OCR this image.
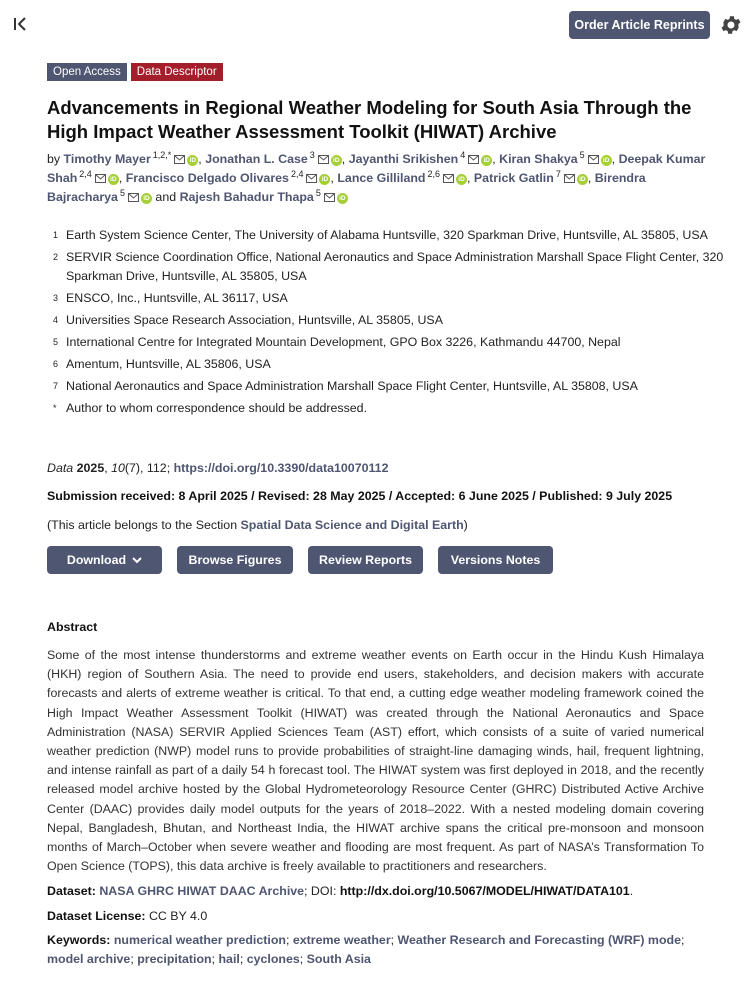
Order Article Reprints
Open Access	Data Descriptor
Advancements in Regional Weather Modeling for South Asia Through the High Impact Weather Assessment Toolkit (HIWAT) Archive
by Timothy Mayer $^{1,2,*}$iD , Jonathan L. Case $^3$iD , Jayanthi Srikishen $^4$iD , Kiran Shakya $^5$iD , Deepak Kumar Shah $^{2,4}$iD , Francisco Delgado Olivares $^{2,4}$iD , Lance Gilliland $^{2,6}$iD , Patrick Gatlin $^7$iD , Birendra Bajracharya $^5$iD and Rajesh Bahadur Thapa $^5$iD
1 Earth System Science Center, The University of Alabama Huntsville, 320 Sparkman Drive, Huntsville, AL 35805, USA
2 SERVIR Science Coordination Office, National Aeronautics and Space Administration Marshall Space Flight Center, 320 Sparkman Drive, Huntsville, AL 35805, USA
3 ENSCO, Inc., Huntsville, AL 36117, USA
4 Universities Space Research Association, Huntsville, AL 35805, USA
5 International Centre for Integrated Mountain Development, GPO Box 3226, Kathmandu 44700, Nepal
6 Amentum, Huntsville, AL 35806, USA
7 National Aeronautics and Space Administration Marshall Space Flight Center, Huntsville, AL 35808, USA
* Author to whom correspondence should be addressed.
Data 2025, 10(7), 112; https://doi.org/10.3390/data10070112
Submission received: 8 April 2025 / Revised: 28 May 2025 / Accepted: 6 June 2025 / Published: 9 July 2025
(This article belongs to the Section Spatial Data Science and Digital Earth)
Download	Browse Figures	Review Reports	Versions Notes
Abstract

Some of the most intense thunderstorms and extreme weather events on Earth occur in the Hindu Kush Himalaya (HKH) region of Southern Asia. The need to provide end users, stakeholders, and decision makers with accurate forecasts and alerts of extreme weather is critical. To that end, a cutting edge weather modeling framework coined the High Impact Weather Assessment Toolkit (HIWAT) was created through the National Aeronautics and Space Administration (NASA) SERVIR Applied Sciences Team (AST) effort, which consists of a suite of varied numerical weather prediction (NWP) model runs to provide probabilities of straight-line damaging winds, hail, frequent lightning, and intense rainfall as part of a daily 54 h forecast tool. The HIWAT system was first deployed in 2018, and the recently released model archive hosted by the Global Hydrometeorology Resource Center (GHRC) Distributed Active Archive Center (DAAC) provides daily model outputs for the years of 2018–2022. With a nested modeling domain covering Nepal, Bangladesh, Bhutan, and Northeast India, the HIWAT archive spans the critical pre-monsoon and monsoon months of March–October when severe weather and flooding are most frequent. As part of NASA’s Transformation To Open Science (TOPS), this data archive is freely available to practitioners and researchers.

Dataset: NASA GHRC HIWAT DAAC Archive; DOI: http://dx.doi.org/10.5067/MODEL/HIWAT/DATA101.
Dataset License: CC BY 4.0
Keywords: numerical weather prediction; extreme weather; Weather Research and Forecasting (WRF) mode; model archive; precipitation; hail; cyclones; South Asia
